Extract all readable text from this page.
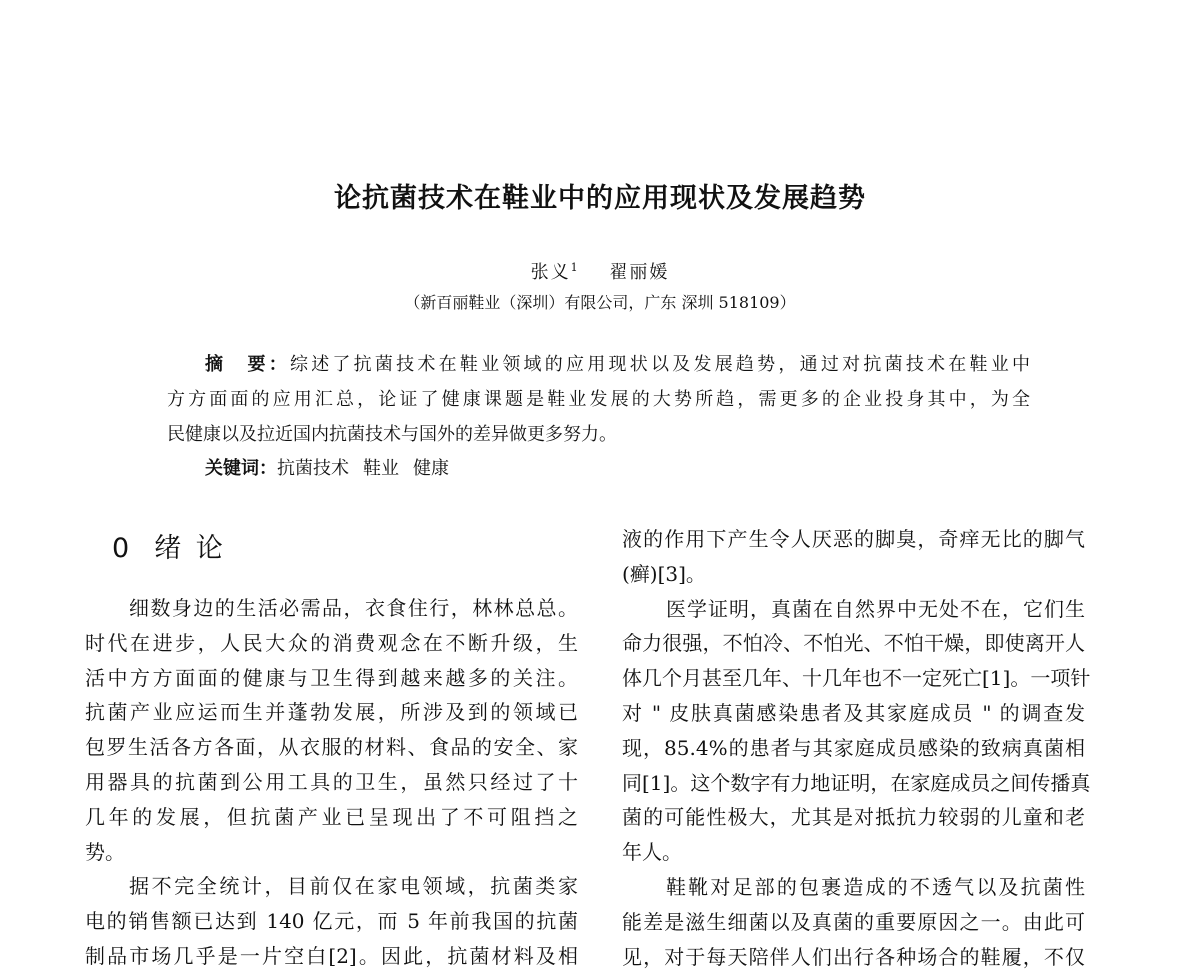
论抗菌技术在鞋业中的应用现状及发展趋势
张义$^1$ 翟丽媛
（新百丽鞋业（深圳）有限公司，广东 深圳 518109）
摘　要：综述了抗菌技术在鞋业领域的应用现状以及发展趋势，通过对抗菌技术在鞋业中
方方面面的应用汇总，论证了健康课题是鞋业发展的大势所趋，需更多的企业投身其中，为全
民健康以及拉近国内抗菌技术与国外的差异做更多努力。
关键词：抗菌技术 鞋业 健康
0 绪 论
细数身边的生活必需品，衣食住行，林林总总。
时代在进步，人民大众的消费观念在不断升级，生
活中方方面面的健康与卫生得到越来越多的关注。
抗菌产业应运而生并蓬勃发展，所涉及到的领域已
包罗生活各方各面，从衣服的材料、食品的安全、家
用器具的抗菌到公用工具的卫生，虽然只经过了十
几年的发展，但抗菌产业已呈现出了不可阻挡之
势。
据不完全统计，目前仅在家电领域，抗菌类家
电的销售额已达到 140 亿元，而 5 年前我国的抗菌
制品市场几乎是一片空白[2]。因此，抗菌材料及相
液的作用下产生令人厌恶的脚臭，奇痒无比的脚气
(癣)[3]。
医学证明，真菌在自然界中无处不在，它们生
命力很强，不怕冷、不怕光、不怕干燥，即使离开人
体几个月甚至几年、十几年也不一定死亡[1]。一项针
对 " 皮肤真菌感染患者及其家庭成员 " 的调查发
现，85.4%的患者与其家庭成员感染的致病真菌相
同[1]。这个数字有力地证明，在家庭成员之间传播真
菌的可能性极大，尤其是对抵抗力较弱的儿童和老
年人。
鞋靴对足部的包裹造成的不透气以及抗菌性
能差是滋生细菌以及真菌的重要原因之一。由此可
见，对于每天陪伴人们出行各种场合的鞋履，不仅
